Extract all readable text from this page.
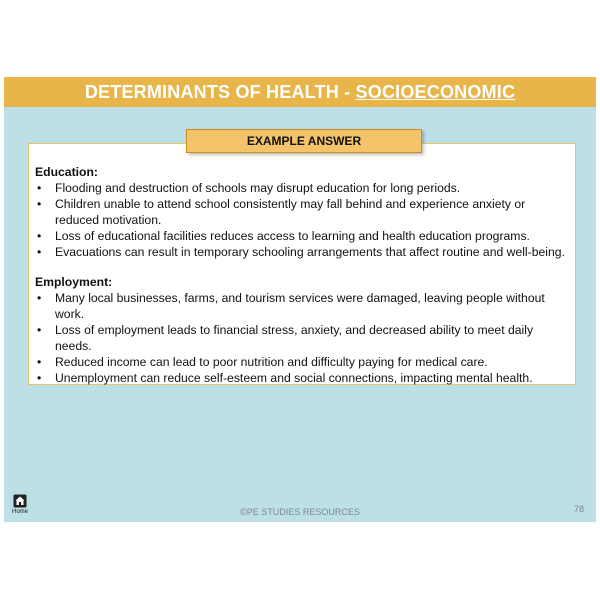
DETERMINANTS OF HEALTH - SOCIOECONOMIC

Education:

• Flooding and destruction of schools may disrupt education for long periods.
• Children unable to attend school consistently may fall behind and experience anxiety or reduced motivation.
• Loss of educational facilities reduces access to learning and health education programs.
• Evacuations can result in temporary schooling arrangements that affect routine and well-being.

Employment:

• Many local businesses, farms, and tourism services were damaged, leaving people without work.
• Loss of employment leads to financial stress, anxiety, and decreased ability to meet daily needs.
• Reduced income can lead to poor nutrition and difficulty paying for medical care.
• Unemployment can reduce self-esteem and social connections, impacting mental health.
EXAMPLE ANSWER
Home	©PE STUDIES RESOURCES	78
